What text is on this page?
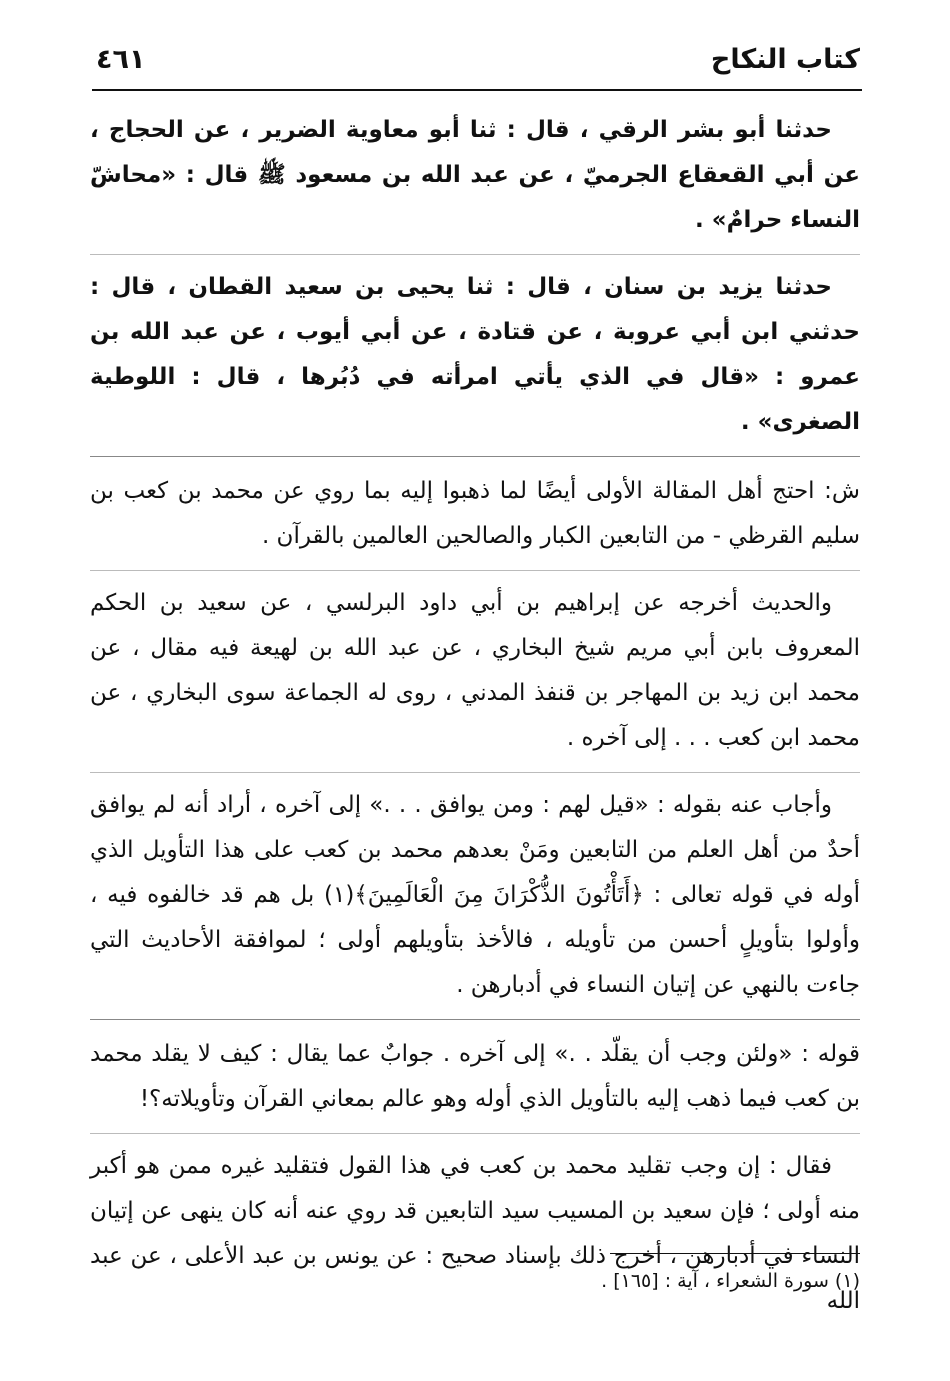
كتاب النكاح
٤٦١

حدثنا أبو بشر الرقي ، قال : ثنا أبو معاوية الضرير ، عن الحجاج ، عن أبي القعقاع الجرميّ ، عن عبد الله بن مسعود ﷺ قال : «محاشّ النساء حرامٌ» .

حدثنا يزيد بن سنان ، قال : ثنا يحيى بن سعيد القطان ، قال : حدثني ابن أبي عروبة ، عن قتادة ، عن أبي أيوب ، عن عبد الله بن عمرو : «قال في الذي يأتي امرأته في دُبُرها ، قال : اللوطية الصغرى» .

ش: احتج أهل المقالة الأولى أيضًا لما ذهبوا إليه بما روي عن محمد بن كعب بن سليم القرظي - من التابعين الكبار والصالحين العالمين بالقرآن .

والحديث أخرجه عن إبراهيم بن أبي داود البرلسي ، عن سعيد بن الحكم المعروف بابن أبي مريم شيخ البخاري ، عن عبد الله بن لهيعة فيه مقال ، عن محمد ابن زيد بن المهاجر بن قنفذ المدني ، روى له الجماعة سوى البخاري ، عن محمد ابن كعب . . . إلى آخره .

وأجاب عنه بقوله : «قيل لهم : ومن يوافق . . .» إلى آخره ، أراد أنه لم يوافق أحدٌ من أهل العلم من التابعين ومَنْ بعدهم محمد بن كعب على هذا التأويل الذي أوله في قوله تعالى : ﴿أَتَأْتُونَ الذُّكْرَانَ مِنَ الْعَالَمِينَ﴾(١) بل هم قد خالفوه فيه ، وأولوا بتأويلٍ أحسن من تأويله ، فالأخذ بتأويلهم أولى ؛ لموافقة الأحاديث التي جاءت بالنهي عن إتيان النساء في أدبارهن .

قوله : «ولئن وجب أن يقلّد . .» إلى آخره . جوابٌ عما يقال : كيف لا يقلد محمد بن كعب فيما ذهب إليه بالتأويل الذي أوله وهو عالم بمعاني القرآن وتأويلاته؟!

فقال : إن وجب تقليد محمد بن كعب في هذا القول فتقليد غيره ممن هو أكبر منه أولى ؛ فإن سعيد بن المسيب سيد التابعين قد روي عنه أنه كان ينهى عن إتيان النساء في أدبارهن ، أخرج ذلك بإسناد صحيح : عن يونس بن عبد الأعلى ، عن عبد الله

(١) سورة الشعراء ، آية : [١٦٥] .
